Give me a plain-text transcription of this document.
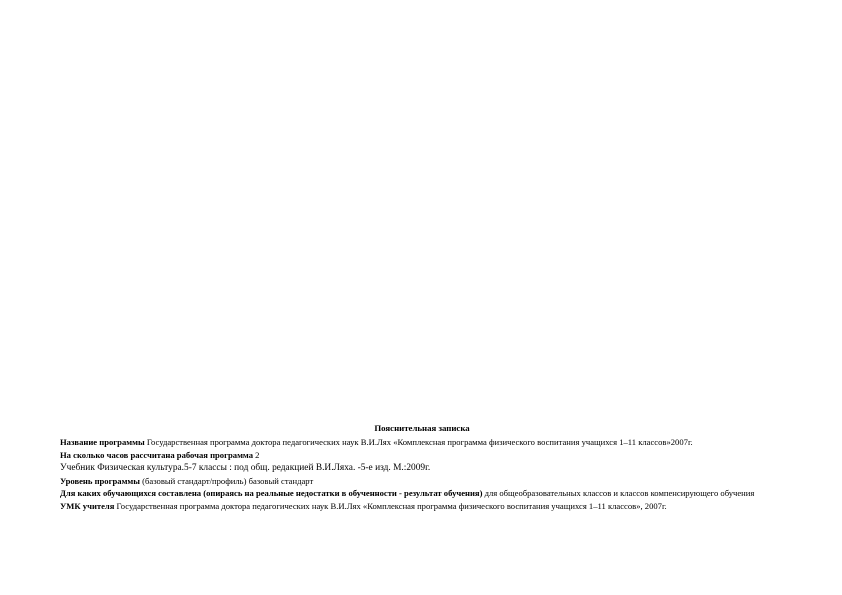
Пояснительная записка

Название программы Государственная программа доктора педагогических наук В.И.Лях «Комплексная программа физического воспитания учащихся 1–11 классов»2007г.

На сколько часов рассчитана рабочая программа 2

Учебник Физическая культура.5-7 классы : под общ. редакцией В.И.Ляха. -5-е изд. М.:2009г.

Уровень программы (базовый стандарт/профиль) базовый стандарт

Для каких обучающихся составлена (опираясь на реальные недостатки в обученности - результат обучения) для общеобразовательных классов и классов компенсирующего обучения

УМК учителя Государственная программа доктора педагогических наук В.И.Лях «Комплексная программа физического воспитания учащихся 1–11 классов», 2007г.
